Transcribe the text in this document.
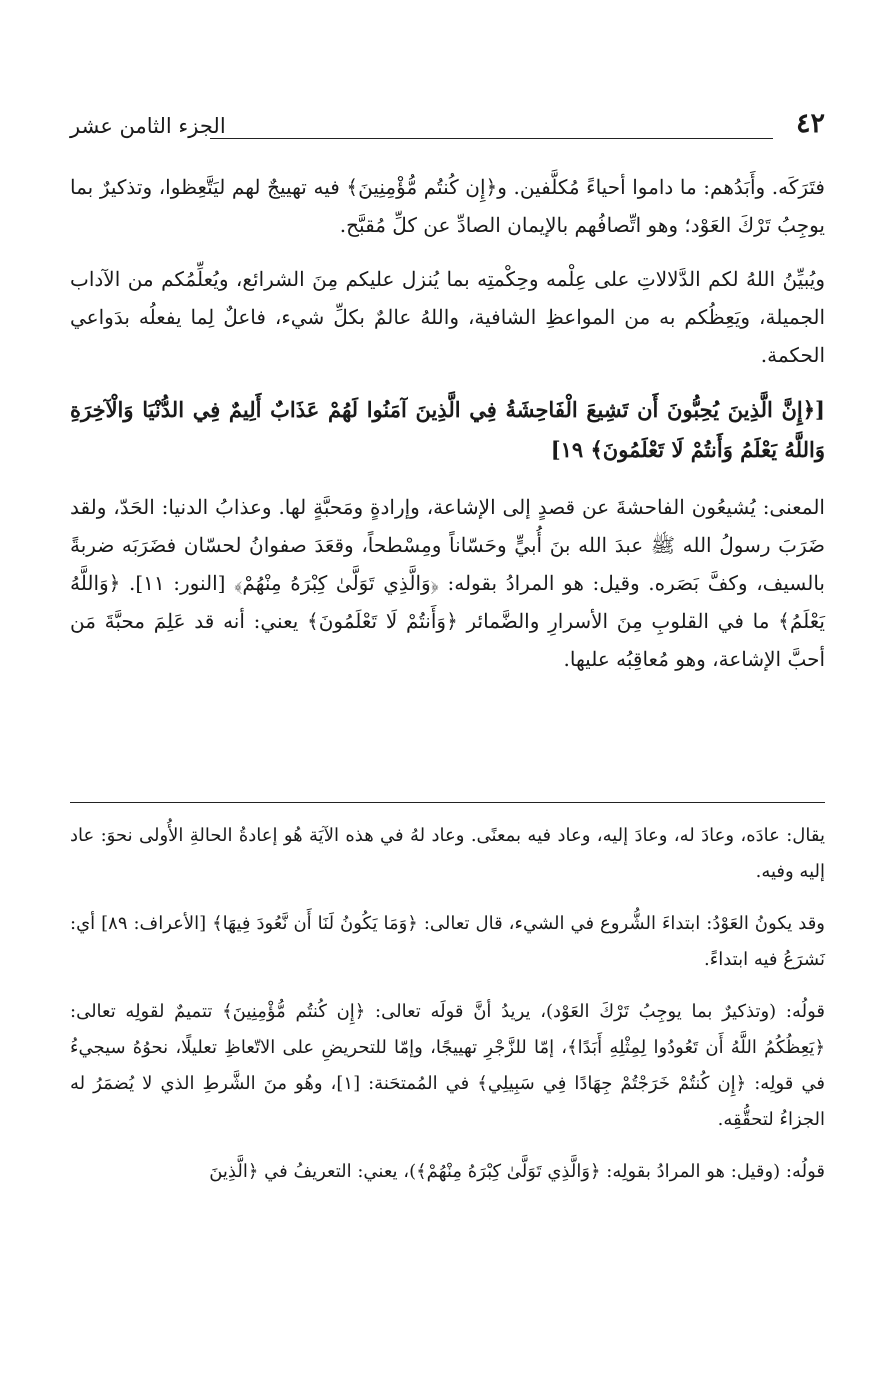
٤٢
الجزء الثامن عشر

فتَرَكَه. وأَبَدُهم: ما داموا أحياءً مُكلَّفين. و﴿إِن كُنتُم مُّؤْمِنِينَ﴾ فيه تهييجٌ لهم ليَتَّعِظوا، وتذكيرٌ بما يوجِبُ تَرْكَ العَوْد؛ وهو اتِّصافُهم بالإيمان الصادِّ عن كلِّ مُقبَّح.

ويُبيِّنُ اللهُ لكم الدَّلالاتِ على عِلْمه وحِكْمتِه بما يُنزل عليكم مِنَ الشرائع، ويُعلِّمُكم من الآداب الجميلة، ويَعِظُكم به من المواعظِ الشافية، واللهُ عالمٌ بكلِّ شيء، فاعلٌ لِما يفعلُه بدَواعي الحكمة.

[﴿إِنَّ الَّذِينَ يُحِبُّونَ أَن تَشِيعَ الْفَاحِشَةُ فِي الَّذِينَ آمَنُوا لَهُمْ عَذَابٌ أَلِيمٌ فِي الدُّنْيَا وَالْآخِرَةِ وَاللَّهُ يَعْلَمُ وَأَنتُمْ لَا تَعْلَمُونَ﴾ ١٩]

المعنى: يُشيعُون الفاحشةَ عن قصدٍ إلى الإشاعة، وإرادةٍ ومَحبَّةٍ لها. وعذابُ الدنيا: الحَدّ، ولقد ضَرَبَ رسولُ الله ﷺ عبدَ الله بنَ أُبيٍّ وحَسّاناً ومِسْطحاً، وقعَدَ صفوانُ لحسّان فضَرَبَه ضربةً بالسيف، وكفَّ بَصَره. وقيل: هو المرادُ بقوله: ﴿وَالَّذِي تَوَلَّىٰ كِبْرَهُ مِنْهُمْ﴾ [النور: ١١]. ﴿وَاللَّهُ يَعْلَمُ﴾ ما في القلوبِ مِنَ الأسرارِ والضَّمائر ﴿وَأَنتُمْ لَا تَعْلَمُونَ﴾ يعني: أنه قد عَلِمَ محبَّةَ مَن أحبَّ الإشاعة، وهو مُعاقِبُه عليها.

يقال: عادَه، وعادَ له، وعادَ إليه، وعاد فيه بمعنًى. وعاد لهُ في هذه الآيَة هُو إعادةُ الحالةِ الأُولى نحوَ: عاد إليه وفيه.

وقد يكونُ العَوْدُ: ابتداءَ الشُّروع في الشيء، قال تعالى: ﴿وَمَا يَكُونُ لَنَا أَن نَّعُودَ فِيهَا﴾ [الأعراف: ٨٩] أي: نَشرَعُ فيه ابتداءً.

قولُه: (وتذكيرٌ بما يوجِبُ تَرْكَ العَوْد)، يريدُ أنَّ قولَه تعالى: ﴿إِن كُنتُم مُّؤْمِنِينَ﴾ تتميمٌ لقولِه تعالى: ﴿يَعِظُكُمُ اللَّهُ أَن تَعُودُوا لِمِثْلِهِ أَبَدًا﴾، إمّا للزَّجْرِ تهييجًا، وإمّا للتحريضِ على الاتّعاظِ تعليلًا، نحوُهُ سيجيءُ في قولِه: ﴿إِن كُنتُمْ خَرَجْتُمْ جِهَادًا فِي سَبِيلِي﴾ في المُمتحَنة: [١]، وهُو منَ الشَّرطِ الذي لا يُضمَرُ له الجزاءُ لتحقُّقِه.

قولُه: (وقيل: هو المرادُ بقولِه: ﴿وَالَّذِي تَوَلَّىٰ كِبْرَهُ مِنْهُمْ﴾)، يعني: التعريفُ في ﴿الَّذِينَ
